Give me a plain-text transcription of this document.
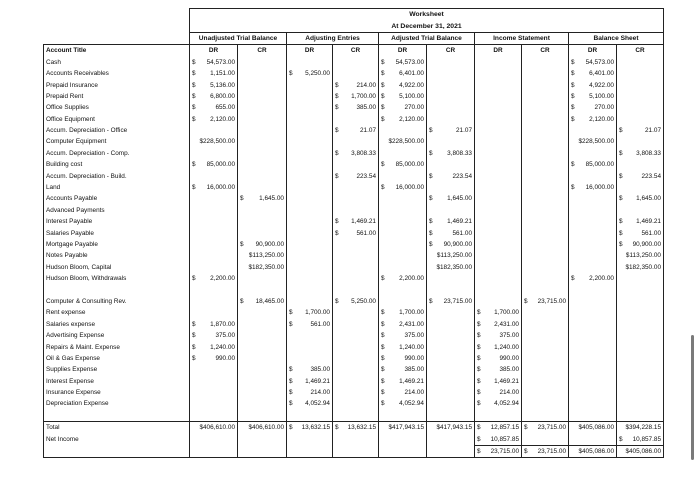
	Worksheet									
	At December 31, 2021									
	Unadjusted Trial Balance		Adjusting Entries		Adjusted Trial Balance		Income Statement		Balance Sheet	
Account Title	DR	CR	DR	CR	DR	CR	DR	CR	DR	CR
Cash	$ 54,573.00				$ 54,573.00				$ 54,573.00	

Accounts Receivables	$ 1,151.00		$ 5,250.00		$ 6,401.00				$ 6,401.00	

Prepaid Insurance	$ 5,136.00			$ 214.00	$ 4,922.00				$ 4,922.00	

Prepaid Rent	$ 6,800.00			$ 1,700.00	$ 5,100.00				$ 5,100.00	

Office Supplies	$ 655.00			$ 385.00	$ 270.00				$ 270.00	

Office Equipment	$ 2,120.00				$ 2,120.00				$ 2,120.00	

Accum. Depreciation - Office				$ 21.07		$ 21.07				$ 21.07

Computer Equipment	$228,500.00				$228,500.00				$228,500.00	

Accum. Depreciation - Comp.				$ 3,808.33		$ 3,808.33				$ 3,808.33

Building cost	$ 85,000.00				$ 85,000.00				$ 85,000.00	

Accum. Depreciation - Build.				$ 223.54		$ 223.54				$ 223.54

Land	$ 16,000.00				$ 16,000.00				$ 16,000.00	

Accounts Payable		$ 1,645.00				$ 1,645.00				$ 1,645.00

Advanced Payments										
Interest Payable				$ 1,469.21		$ 1,469.21				$ 1,469.21

Salaries Payable				$ 561.00		$ 561.00				$ 561.00

Mortgage Payable		$ 90,900.00				$ 90,900.00				$ 90,900.00

Notes Payable		$113,250.00				$113,250.00				$113,250.00

Hudson Bloom, Capital		$182,350.00				$182,350.00				$182,350.00

Hudson Bloom, Withdrawals	$ 2,200.00				$ 2,200.00				$ 2,200.00	

Computer & Consulting Rev.		$ 18,465.00		$ 5,250.00		$ 23,715.00		$ 23,715.00		

Rent expense			$ 1,700.00		$ 1,700.00		$ 1,700.00			

Salaries expense	$ 1,870.00		$ 561.00		$ 2,431.00		$ 2,431.00			

Advertising Expense	$ 375.00				$ 375.00		$ 375.00			

Repairs & Maint. Expense	$ 1,240.00				$ 1,240.00		$ 1,240.00			

Oil & Gas Expense	$ 990.00				$ 990.00		$ 990.00			

Supplies Expense			$ 385.00		$ 385.00		$ 385.00			

Interest Expense			$ 1,469.21		$ 1,469.21		$ 1,469.21			

Insurance Expense			$ 214.00		$ 214.00		$ 214.00			

Depreciation Expense			$ 4,052.94		$ 4,052.94		$ 4,052.94			

Total	$406,610.00	$406,610.00	$ 13,632.15	$ 13,632.15	$417,943.15	$417,943.15	$ 12,857.15	$ 23,715.00	$405,086.00	$394,228.15

Net Income							$ 10,857.85			$ 10,857.85

							$ 23,715.00	$ 23,715.00	$405,086.00	$405,086.00
